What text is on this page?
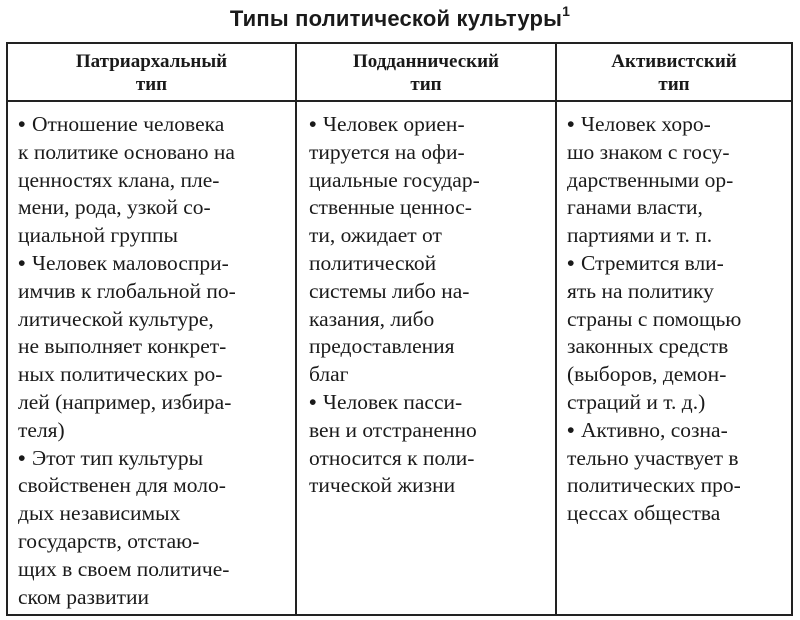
Типы политической культуры$^1$
Патриархальный
тип
Подданнический
тип
Активистский
тип
• Отношение человека
к политике основано на
ценностях клана, пле-
мени, рода, узкой со-
циальной группы
• Человек маловоспри-
имчив к глобальной по-
литической культуре,
не выполняет конкрет-
ных политических ро-
лей (например, избира-
теля)
• Этот тип культуры
свойственен для моло-
дых независимых
государств, отстаю-
щих в своем политиче-
ском развитии
• Человек ориен-
тируется на офи-
циальные государ-
ственные ценнос-
ти, ожидает от
политической
системы либо на-
казания, либо
предоставления
благ
• Человек пасси-
вен и отстраненно
относится к поли-
тической жизни
• Человек хоро-
шо знаком с госу-
дарственными ор-
ганами власти,
партиями и т. п.
• Стремится вли-
ять на политику
страны с помощью
законных средств
(выборов, демон-
страций и т. д.)
• Активно, созна-
тельно участвует в
политических про-
цессах общества
